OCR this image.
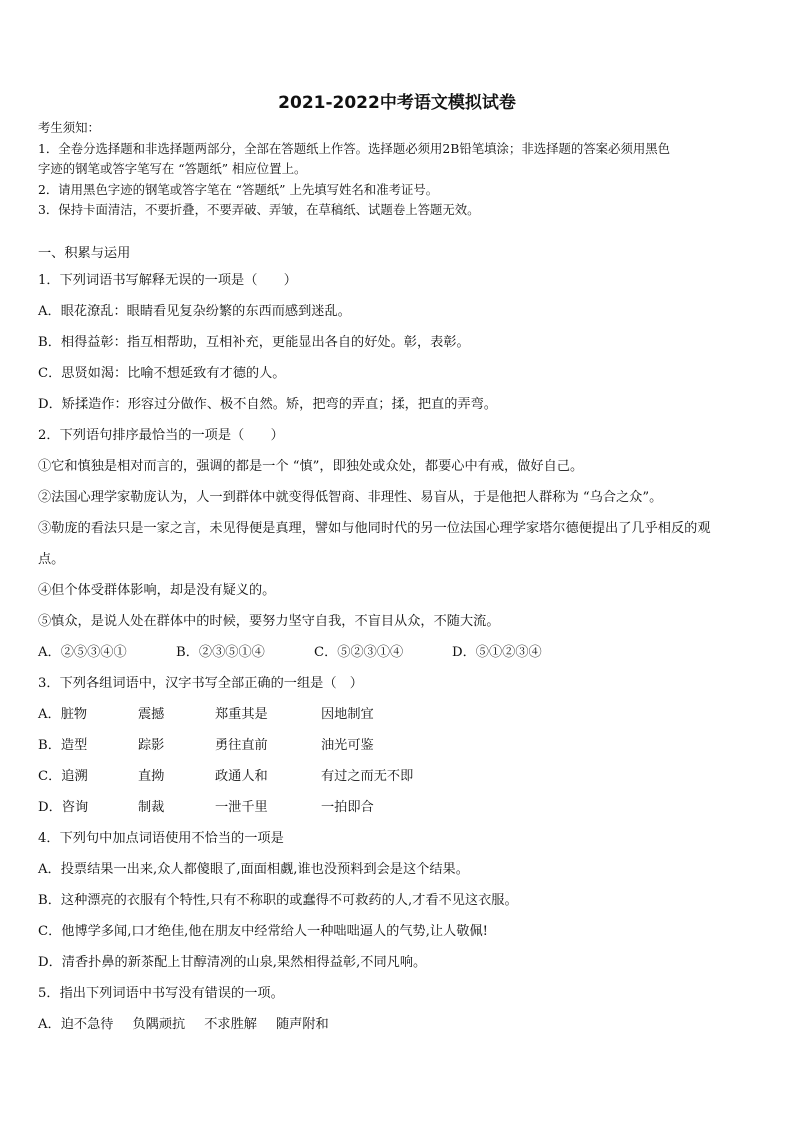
2021-2022中考语文模拟试卷
考生须知：
1．全卷分选择题和非选择题两部分，全部在答题纸上作答。选择题必须用2B铅笔填涂；非选择题的答案必须用黑色
字迹的钢笔或答字笔写在 “答题纸” 相应位置上。
2．请用黑色字迹的钢笔或答字笔在 “答题纸” 上先填写姓名和准考证号。
3．保持卡面清洁，不要折叠，不要弄破、弄皱，在草稿纸、试题卷上答题无效。
一、积累与运用
1．下列词语书写解释无误的一项是（　　）
A．眼花潦乱：眼睛看见复杂纷繁的东西而感到迷乱。
B．相得益彰：指互相帮助，互相补充，更能显出各自的好处。彰，表彰。
C．思贤如渴：比喻不想延致有才德的人。
D．矫揉造作：形容过分做作、极不自然。矫，把弯的弄直；揉，把直的弄弯。
2．下列语句排序最恰当的一项是（　　）
①它和慎独是相对而言的，强调的都是一个 “慎”，即独处或众处，都要心中有戒，做好自己。
②法国心理学家勒庞认为，人一到群体中就变得低智商、非理性、易盲从，于是他把人群称为 “乌合之众”。
③勒庞的看法只是一家之言，未见得便是真理，譬如与他同时代的另一位法国心理学家塔尔德便提出了几乎相反的观
点。
④但个体受群体影响，却是没有疑义的。
⑤慎众，是说人处在群体中的时候，要努力坚守自我，不盲目从众，不随大流。
A．②⑤③④①	B．②③⑤①④	C．⑤②③①④	D．⑤①②③④
3．下列各组词语中，汉字书写全部正确的一组是（　）
A．脏物	震撼	郑重其是	因地制宜
B．造型	踪影	勇往直前	油光可鉴
C．追溯	直拗	政通人和	有过之而无不即
D．咨询	制裁	一泄千里	一拍即合
4．下列句中加点词语使用不恰当的一项是
A．投票结果一出来,众人都傻眼了,面面相觑,谁也没预料到会是这个结果。
B．这种漂亮的衣服有个特性,只有不称职的或蠢得不可救药的人,才看不见这衣服。
C．他博学多闻,口才绝佳,他在朋友中经常给人一种咄咄逼人的气势,让人敬佩!
D．清香扑鼻的新茶配上甘醇清冽的山泉,果然相得益彰,不同凡响。
5．指出下列词语中书写没有错误的一项。
A．迫不急待 负隅顽抗 不求胜解 随声附和
